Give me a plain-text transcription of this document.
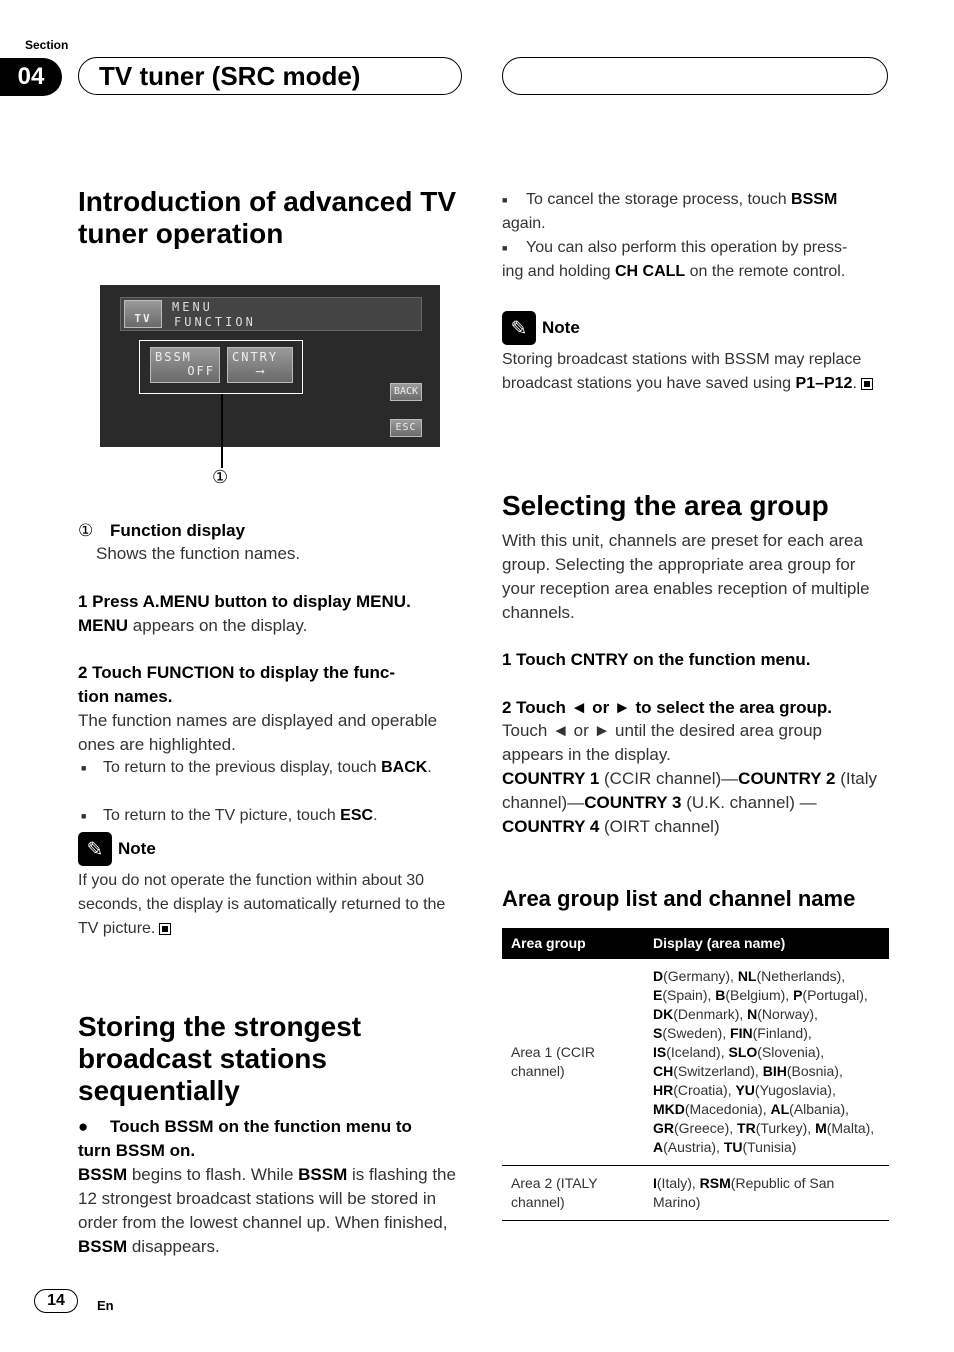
Section
04	TV tuner (SRC mode)
Introduction of advanced TV tuner operation
TV
MENU
FUNCTION
BSSM
OFF
CNTRY
⟶
BACK
ESC
①
① Function display
Shows the function names.
1 Press A.MENU button to display MENU.
MENU appears on the display.
2 Touch FUNCTION to display the func-
tion names.
The function names are displayed and operable ones are highlighted.
■ To return to the previous display, touch BACK.
■ To return to the TV picture, touch ESC.
✎ Note
If you do not operate the function within about 30 seconds, the display is automatically returned to the TV picture.
Storing the strongest broadcast stations sequentially
● Touch BSSM on the function menu to
turn BSSM on.
BSSM begins to flash. While BSSM is flashing the 12 strongest broadcast stations will be stored in order from the lowest channel up. When finished, BSSM disappears.
■ To cancel the storage process, touch BSSM
again.
■ You can also perform this operation by press-
ing and holding CH CALL on the remote control.
✎ Note
Storing broadcast stations with BSSM may replace broadcast stations you have saved using P1–P12.
Selecting the area group
With this unit, channels are preset for each area group. Selecting the appropriate area group for your reception area enables reception of multiple channels.
1 Touch CNTRY on the function menu.
2 Touch ◄ or ► to select the area group.
Touch ◄ or ► until the desired area group appears in the display.
COUNTRY 1 (CCIR channel)—COUNTRY 2 (Italy channel)—COUNTRY 3 (U.K. channel) —COUNTRY 4 (OIRT channel)
Area group list and channel name
Area group	Display (area name)
Area 1 (CCIR channel)	D(Germany), NL(Netherlands), E(Spain), B(Belgium), P(Portugal), DK(Denmark), N(Norway), S(Sweden), FIN(Finland), IS(Iceland), SLO(Slovenia), CH(Switzerland), BIH(Bosnia), HR(Croatia), YU(Yugoslavia), MKD(Macedonia), AL(Albania), GR(Greece), TR(Turkey), M(Malta), A(Austria), TU(Tunisia)
Area 2 (ITALY channel)	I(Italy), RSM(Republic of San Marino)
14	En
